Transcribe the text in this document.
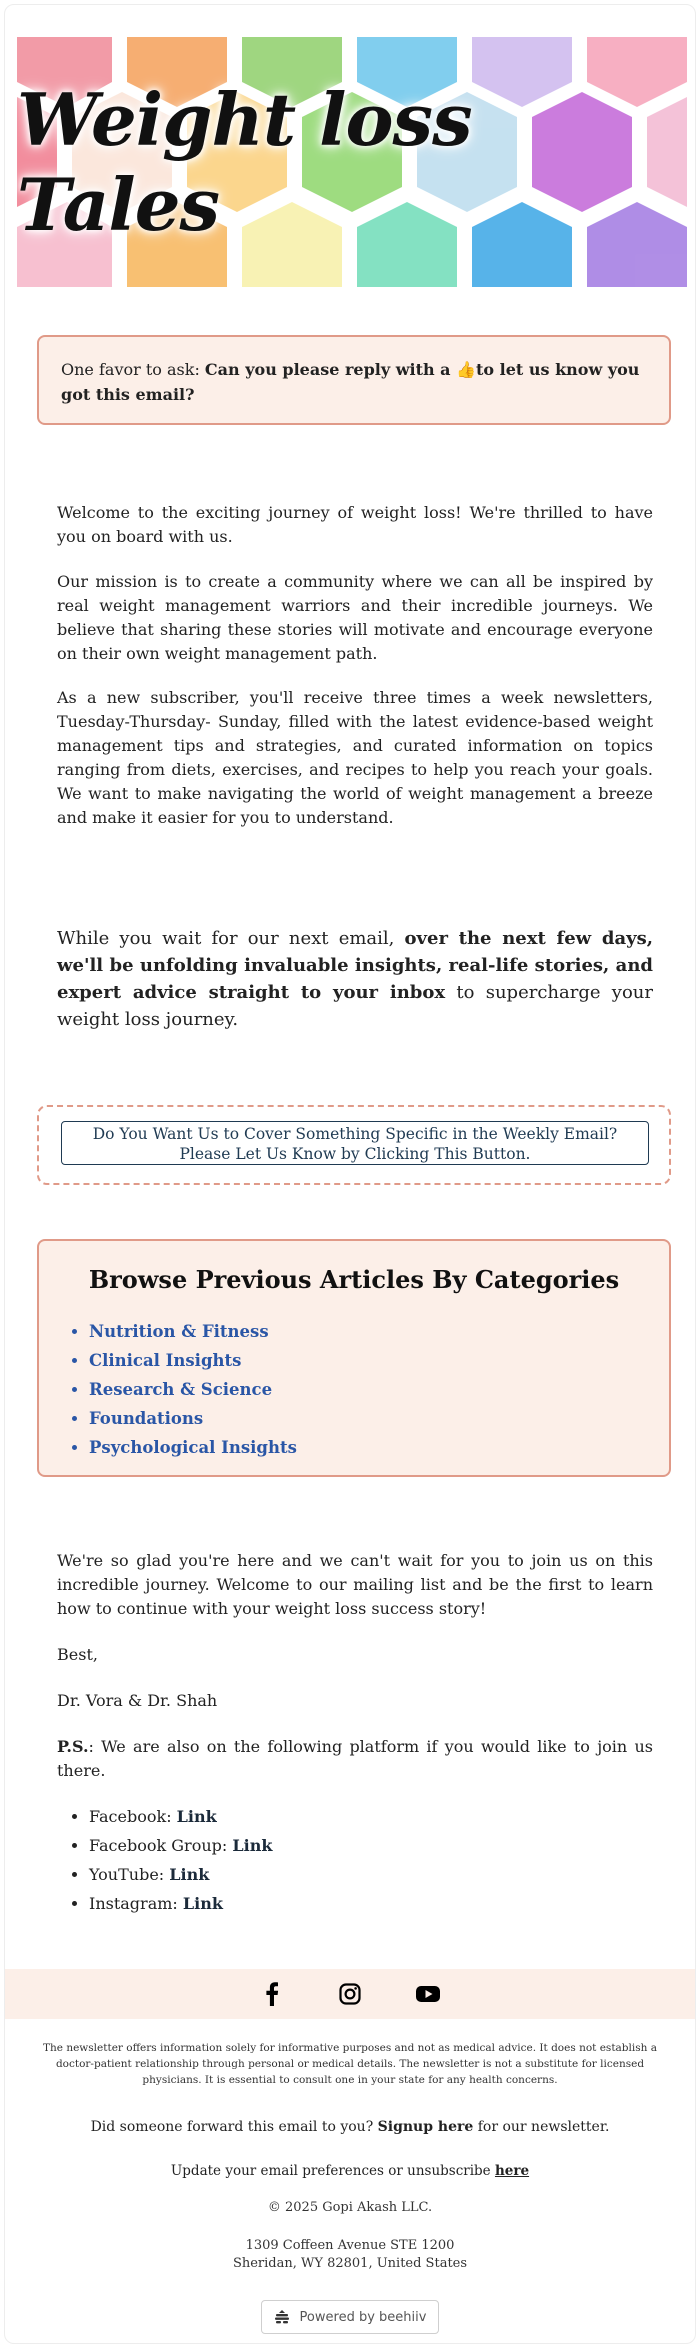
Weight loss Tales
One favor to ask: Can you please reply with a 👍to let us know you got this email?
Welcome to the exciting journey of weight loss! We're thrilled to have you on board with us.
Our mission is to create a community where we can all be inspired by real weight management warriors and their incredible journeys. We believe that sharing these stories will motivate and encourage everyone on their own weight management path.
As a new subscriber, you'll receive three times a week newsletters, Tuesday-Thursday- Sunday, filled with the latest evidence-based weight management tips and strategies, and curated information on topics ranging from diets, exercises, and recipes to help you reach your goals. We want to make navigating the world of weight management a breeze and make it easier for you to understand.
While you wait for our next email, over the next few days, we'll be unfolding invaluable insights, real-life stories, and expert advice straight to your inbox to supercharge your weight loss journey.
Do You Want Us to Cover Something Specific in the Weekly Email?
Please Let Us Know by Clicking This Button.
Browse Previous Articles By Categories
• Nutrition & Fitness
• Clinical Insights
• Research & Science
• Foundations
• Psychological Insights
We're so glad you're here and we can't wait for you to join us on this incredible journey. Welcome to our mailing list and be the first to learn how to continue with your weight loss success story!
Best,
Dr. Vora & Dr. Shah
P.S.: We are also on the following platform if you would like to join us there.
• Facebook: Link
• Facebook Group: Link
• YouTube: Link
• Instagram: Link
The newsletter offers information solely for informative purposes and not as medical advice. It does not establish a doctor-patient relationship through personal or medical details. The newsletter is not a substitute for licensed physicians. It is essential to consult one in your state for any health concerns.
Did someone forward this email to you? Signup here for our newsletter.
Update your email preferences or unsubscribe here
© 2025 Gopi Akash LLC.
1309 Coffeen Avenue STE 1200
Sheridan, WY 82801, United States
Powered by beehiiv
